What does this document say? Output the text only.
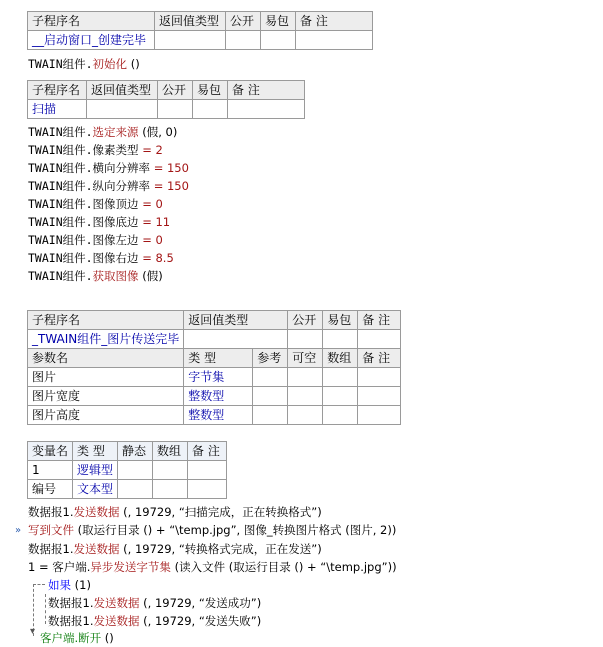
子程序名	返回值类型	公开	易包	备 注
__启动窗口_创建完毕				
TWAIN组件.初始化 ()
子程序名	返回值类型	公开	易包	备 注
扫描				
TWAIN组件.选定来源 (假, 0)
TWAIN组件.像素类型 = 2
TWAIN组件.横向分辨率 = 150
TWAIN组件.纵向分辨率 = 150
TWAIN组件.图像顶边 = 0
TWAIN组件.图像底边 = 11
TWAIN组件.图像左边 = 0
TWAIN组件.图像右边 = 8.5
TWAIN组件.获取图像 (假)
子程序名	返回值类型		公开	易包	备 注
_TWAIN组件_图片传送完毕					
参数名	类 型	参考	可空	数组	备 注
图片	字节集				
图片宽度	整数型				
图片高度	整数型				
变量名	类 型	静态	数组	备 注
1	逻辑型			
编号	文本型			
数据报1.发送数据 (, 19729, “扫描完成，正在转换格式”)
» 写到文件 (取运行目录 () + “\temp.jpg”, 图像_转换图片格式 (图片, 2))
数据报1.发送数据 (, 19729, “转换格式完成，正在发送”)
1 = 客户端.异步发送字节集 (读入文件 (取运行目录 () + “\temp.jpg”))
▾
如果 (1)
数据报1.发送数据 (, 19729, “发送成功”)
数据报1.发送数据 (, 19729, “发送失败”)
客户端.断开 ()
